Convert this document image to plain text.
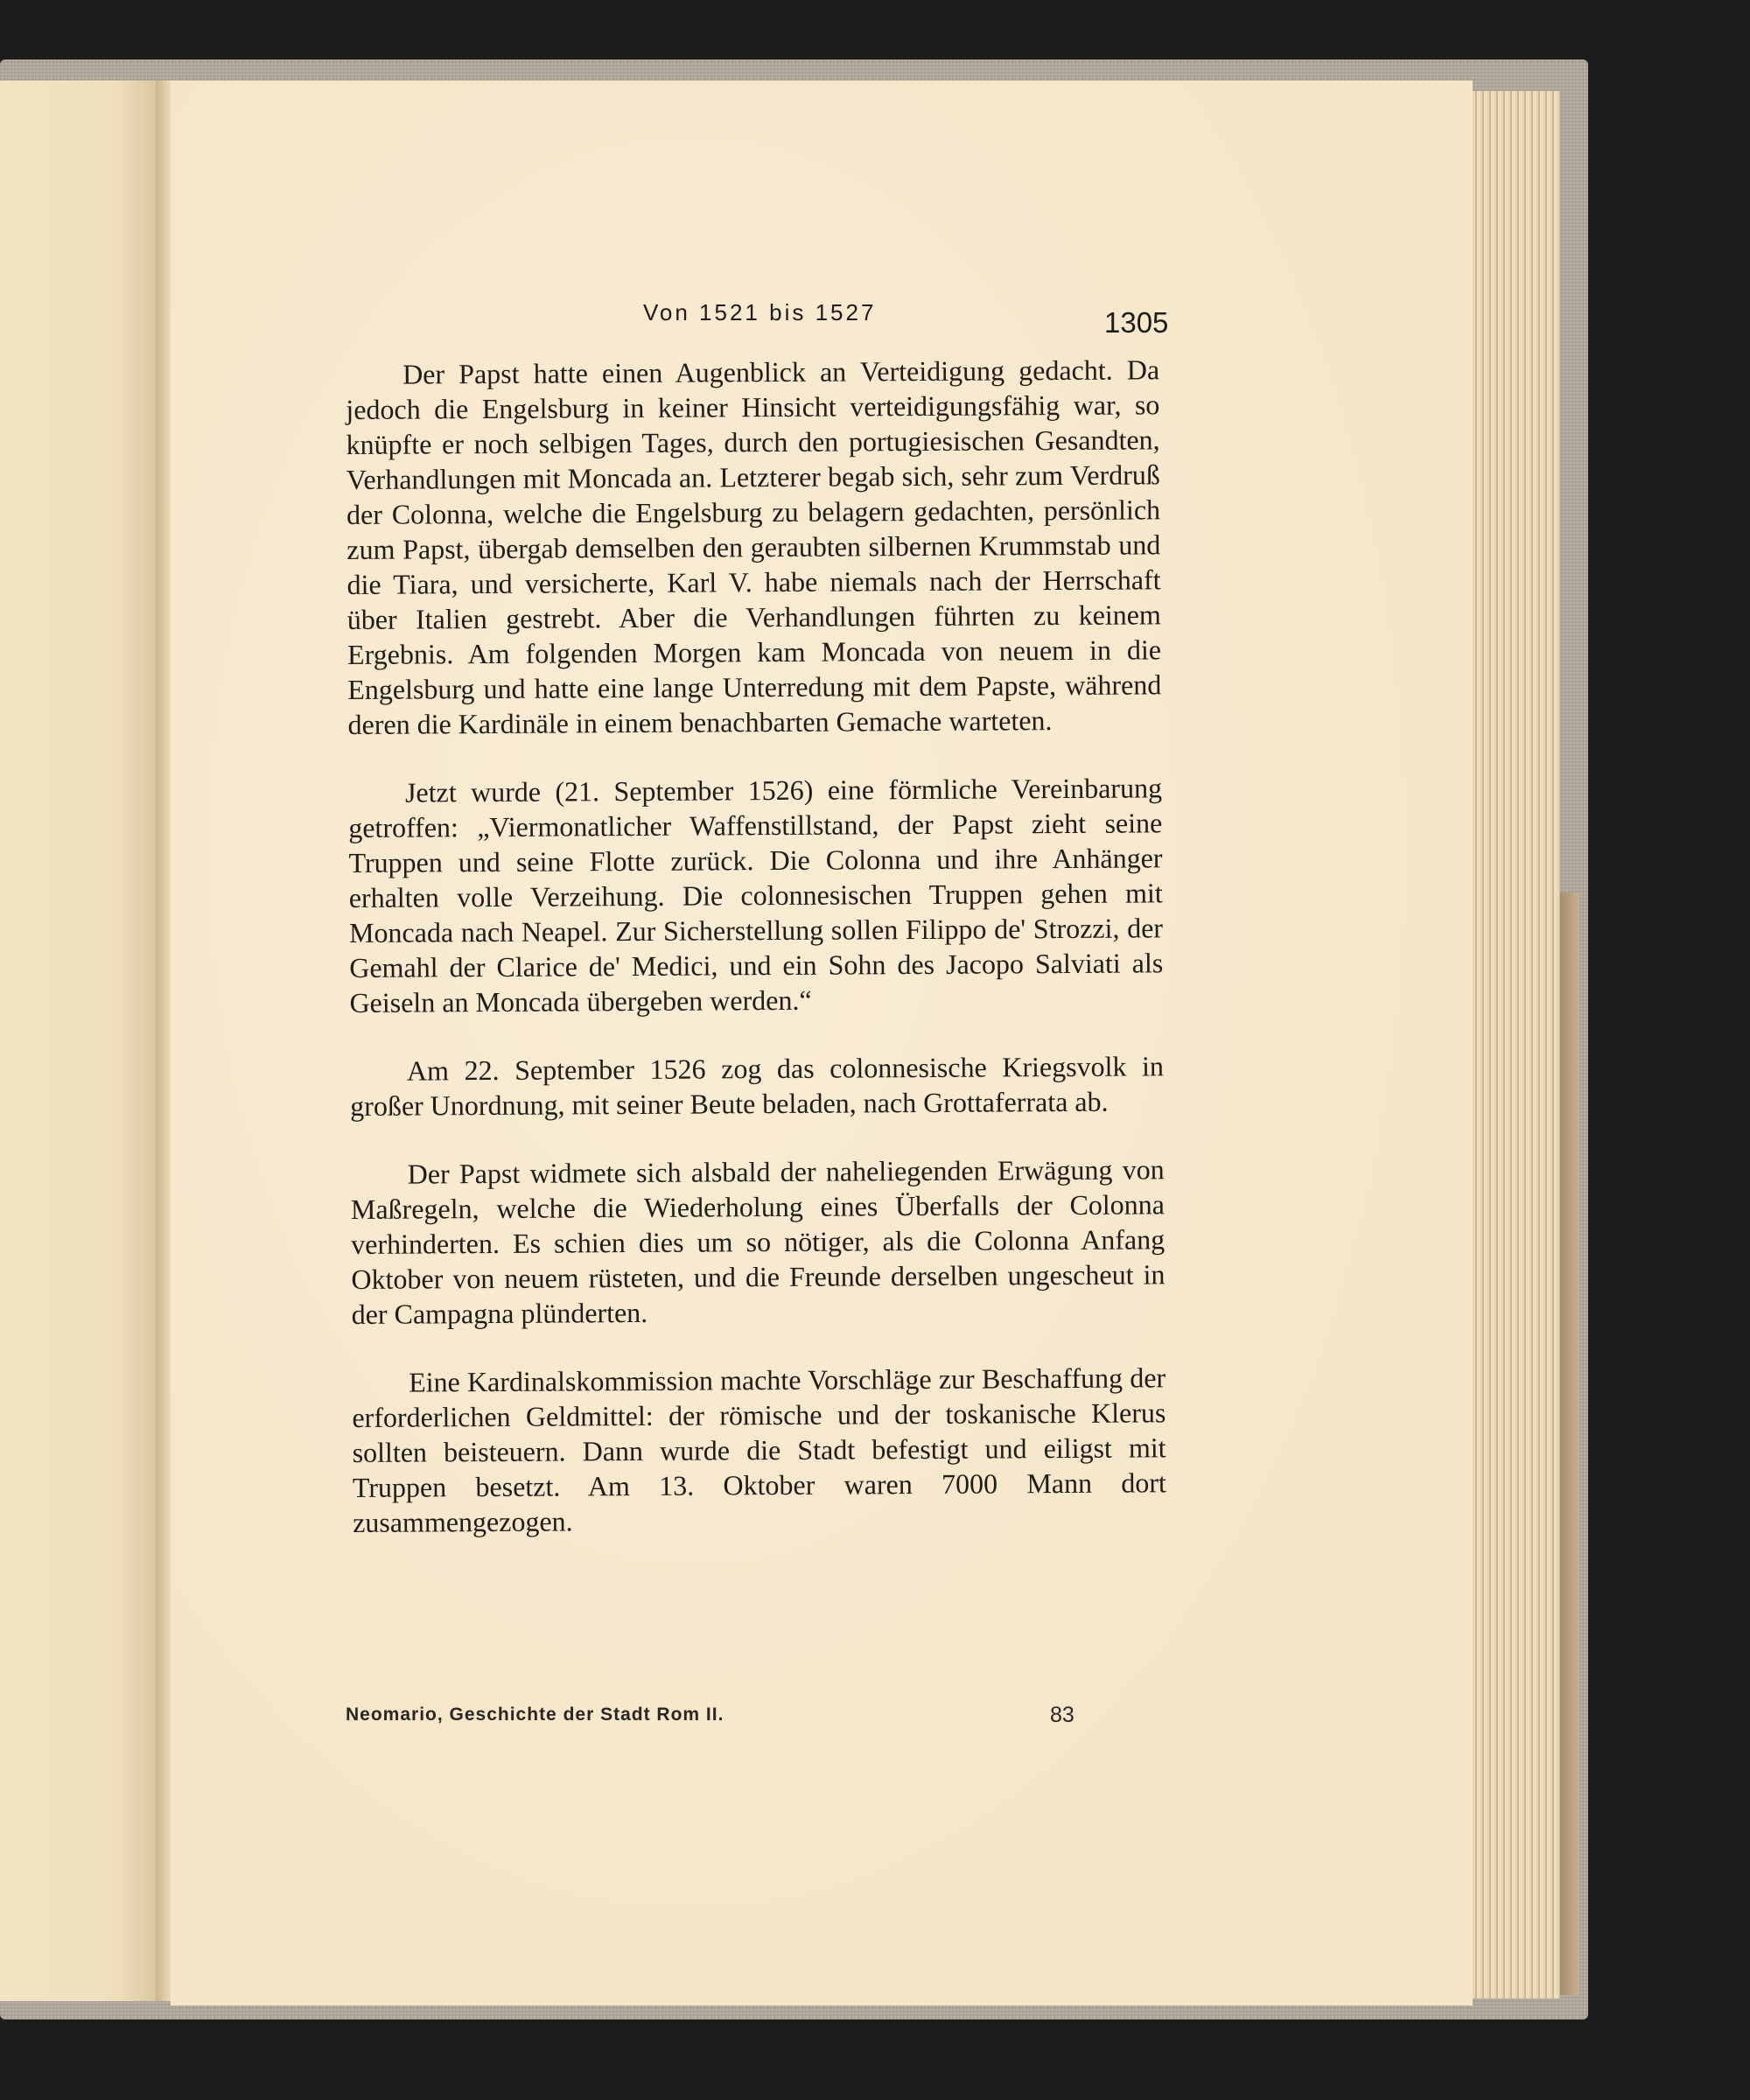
Von 1521 bis 1527	1305

Der Papst hatte einen Augenblick an Verteidigung gedacht. Da jedoch die Engelsburg in keiner Hinsicht verteidigungsfähig war, so knüpfte er noch selbigen Tages, durch den portugiesischen Gesandten, Verhandlungen mit Moncada an. Letzterer begab sich, sehr zum Verdruß der Colonna, welche die Engelsburg zu belagern gedachten, persönlich zum Papst, übergab demselben den geraubten silbernen Krummstab und die Tiara, und versicherte, Karl V. habe niemals nach der Herrschaft über Italien gestrebt. Aber die Verhandlungen führten zu keinem Ergebnis. Am folgenden Morgen kam Moncada von neuem in die Engelsburg und hatte eine lange Unterredung mit dem Papste, während deren die Kardinäle in einem benachbarten Gemache warteten.

Jetzt wurde (21. September 1526) eine förmliche Vereinbarung getroffen: „Viermonatlicher Waffenstillstand, der Papst zieht seine Truppen und seine Flotte zurück. Die Colonna und ihre Anhänger erhalten volle Verzeihung. Die colonnesischen Truppen gehen mit Moncada nach Neapel. Zur Sicherstellung sollen Filippo de' Strozzi, der Gemahl der Clarice de' Medici, und ein Sohn des Jacopo Salviati als Geiseln an Moncada übergeben werden.“

Am 22. September 1526 zog das colonnesische Kriegsvolk in großer Unordnung, mit seiner Beute beladen, nach Grottaferrata ab.

Der Papst widmete sich alsbald der naheliegenden Erwägung von Maßregeln, welche die Wiederholung eines Überfalls der Colonna verhinderten. Es schien dies um so nötiger, als die Colonna Anfang Oktober von neuem rüsteten, und die Freunde derselben ungescheut in der Campagna plünderten.

Eine Kardinalskommission machte Vorschläge zur Beschaffung der erforderlichen Geldmittel: der römische und der toskanische Klerus sollten beisteuern. Dann wurde die Stadt befestigt und eiligst mit Truppen besetzt. Am 13. Oktober waren 7000 Mann dort zusammengezogen.

Neomario, Geschichte der Stadt Rom II.	83
